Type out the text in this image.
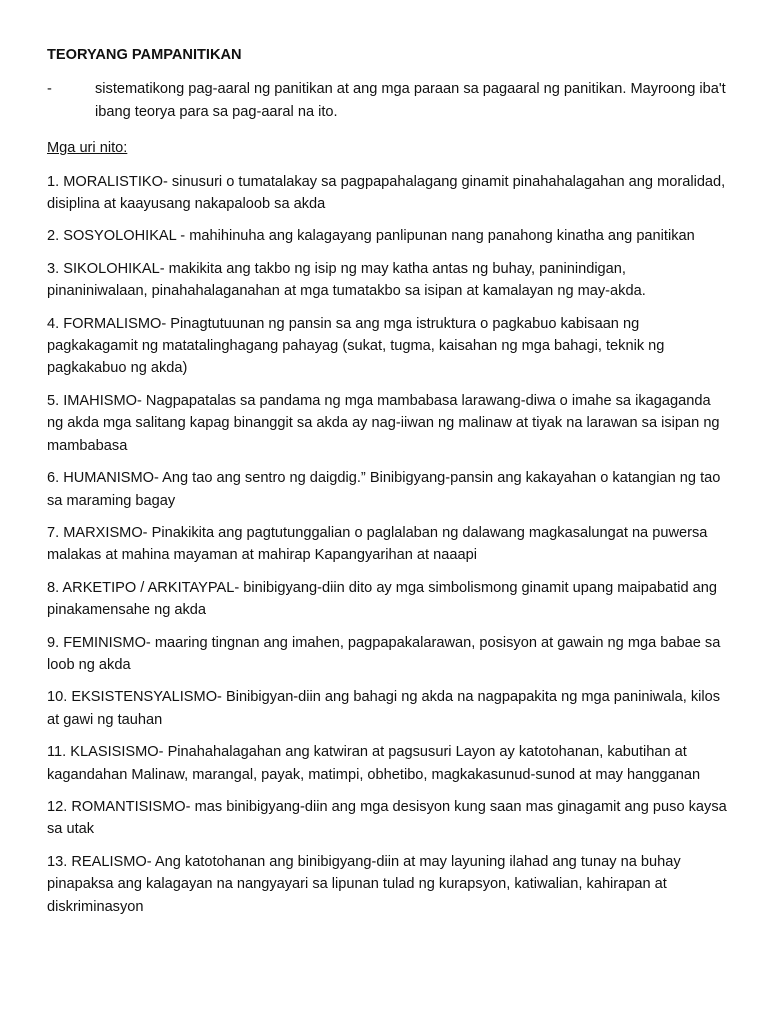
TEORYANG PAMPANITIKAN
-	sistematikong pag-aaral ng panitikan at ang mga paraan sa pagaaral ng panitikan. Mayroong iba't ibang teorya para sa pag-aaral na ito.
Mga uri nito:
1. MORALISTIKO- sinusuri o tumatalakay sa pagpapahalagang ginamit pinahahalagahan ang moralidad, disiplina at kaayusang nakapaloob sa akda
2. SOSYOLOHIKAL - mahihinuha ang kalagayang panlipunan nang panahong kinatha ang panitikan
3. SIKOLOHIKAL- makikita ang takbo ng isip ng may katha antas ng buhay, paninindigan, pinaniniwalaan, pinahahalaganahan at mga tumatakbo sa isipan at kamalayan ng may-akda.
4. FORMALISMO- Pinagtutuunan ng pansin sa ang mga istruktura o pagkabuo kabisaan ng pagkakagamit ng matatalinghagang pahayag (sukat, tugma, kaisahan ng mga bahagi, teknik ng pagkakabuo ng akda)
5. IMAHISMO- Nagpapatalas sa pandama ng mga mambabasa larawang-diwa o imahe sa ikagaganda ng akda mga salitang kapag binanggit sa akda ay nag-iiwan ng malinaw at tiyak na larawan sa isipan ng mambabasa
6. HUMANISMO- Ang tao ang sentro ng daigdig.” Binibigyang-pansin ang kakayahan o katangian ng tao sa maraming bagay
7. MARXISMO- Pinakikita ang pagtutunggalian o paglalaban ng dalawang magkasalungat na puwersa malakas at mahina mayaman at mahirap Kapangyarihan at naaapi
8. ARKETIPO / ARKITAYPAL- binibigyang-diin dito ay mga simbolismong ginamit upang maipabatid ang pinakamensahe ng akda
9. FEMINISMO- maaring tingnan ang imahen, pagpapakalarawan, posisyon at gawain ng mga babae sa loob ng akda
10. EKSISTENSYALISMO- Binibigyan-diin ang bahagi ng akda na nagpapakita ng mga paniniwala, kilos at gawi ng tauhan
11. KLASISISMO- Pinahahalagahan ang katwiran at pagsusuri Layon ay katotohanan, kabutihan at kagandahan Malinaw, marangal, payak, matimpi, obhetibo, magkakasunud-sunod at may hangganan
12. ROMANTISISMO- mas binibigyang-diin ang mga desisyon kung saan mas ginagamit ang puso kaysa sa utak
13. REALISMO- Ang katotohanan ang binibigyang-diin at may layuning ilahad ang tunay na buhay pinapaksa ang kalagayan na nangyayari sa lipunan tulad ng kurapsyon, katiwalian, kahirapan at diskriminasyon
